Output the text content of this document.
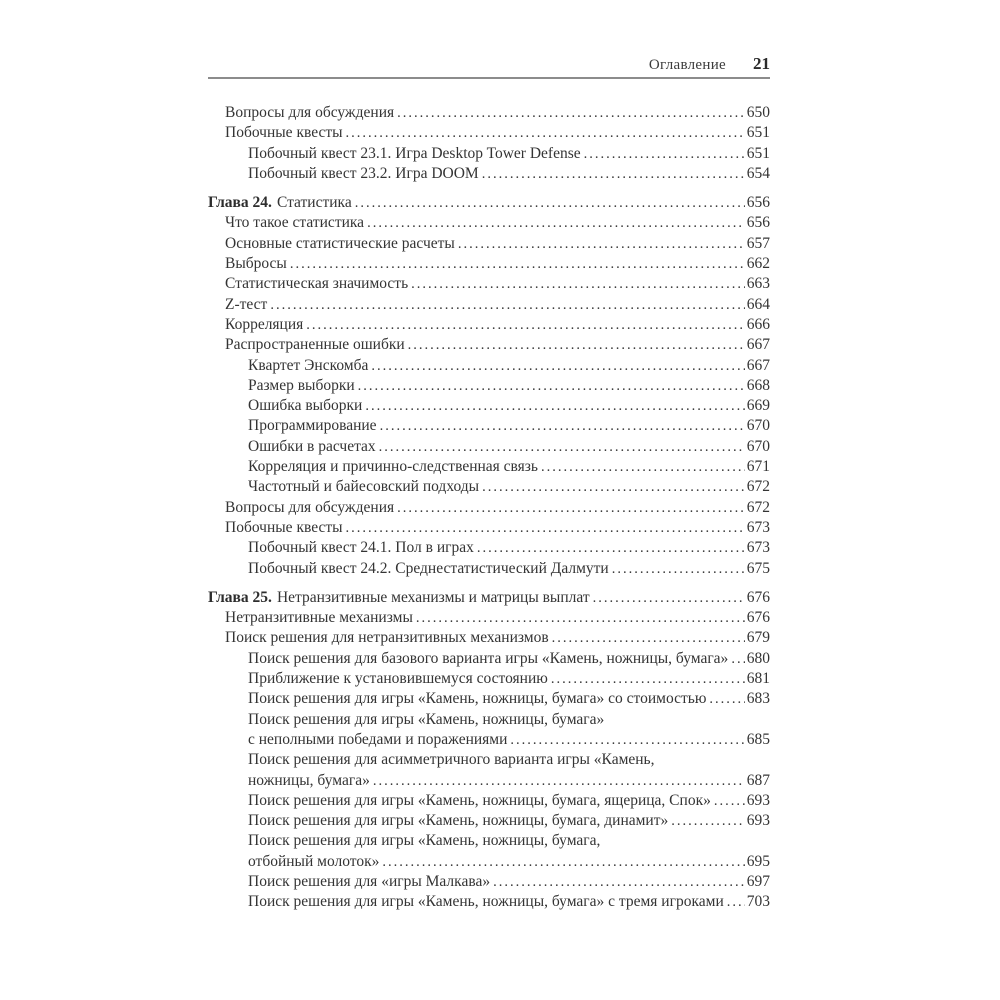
Оглавление 21
Вопросы для обсуждения .....	650
Побочные квесты .....	651
Побочный квест 23.1. Игра Desktop Tower Defense .....	651
Побочный квест 23.2. Игра DOOM .....	654
Глава 24. Статистика .....	656
Что такое статистика .....	656
Основные статистические расчеты .....	657
Выбросы .....	662
Статистическая значимость .....	663
Z-тест .....	664
Корреляция .....	666
Распространенные ошибки .....	667
Квартет Энскомба .....	667
Размер выборки .....	668
Ошибка выборки .....	669
Программирование .....	670
Ошибки в расчетах .....	670
Корреляция и причинно-следственная связь .....	671
Частотный и байесовский подходы .....	672
Вопросы для обсуждения .....	672
Побочные квесты .....	673
Побочный квест 24.1. Пол в играх .....	673
Побочный квест 24.2. Среднестатистический Далмути .....	675
Глава 25. Нетранзитивные механизмы и матрицы выплат .....	676
Нетранзитивные механизмы .....	676
Поиск решения для нетранзитивных механизмов .....	679
Поиск решения для базового варианта игры «Камень, ножницы, бумага» ..... 680
Приближение к установившемуся состоянию .....	681
Поиск решения для игры «Камень, ножницы, бумага» со стоимостью .....	683
Поиск решения для игры «Камень, ножницы, бумага»
с неполными победами и поражениями .....	685
Поиск решения для асимметричного варианта игры «Камень,
ножницы, бумага» .....	687
Поиск решения для игры «Камень, ножницы, бумага, ящерица, Спок» ..... 693
Поиск решения для игры «Камень, ножницы, бумага, динамит» .....	693
Поиск решения для игры «Камень, ножницы, бумага,
отбойный молоток» .....	695
Поиск решения для «игры Малкава» .....	697
Поиск решения для игры «Камень, ножницы, бумага» с тремя игроками ..... 703
